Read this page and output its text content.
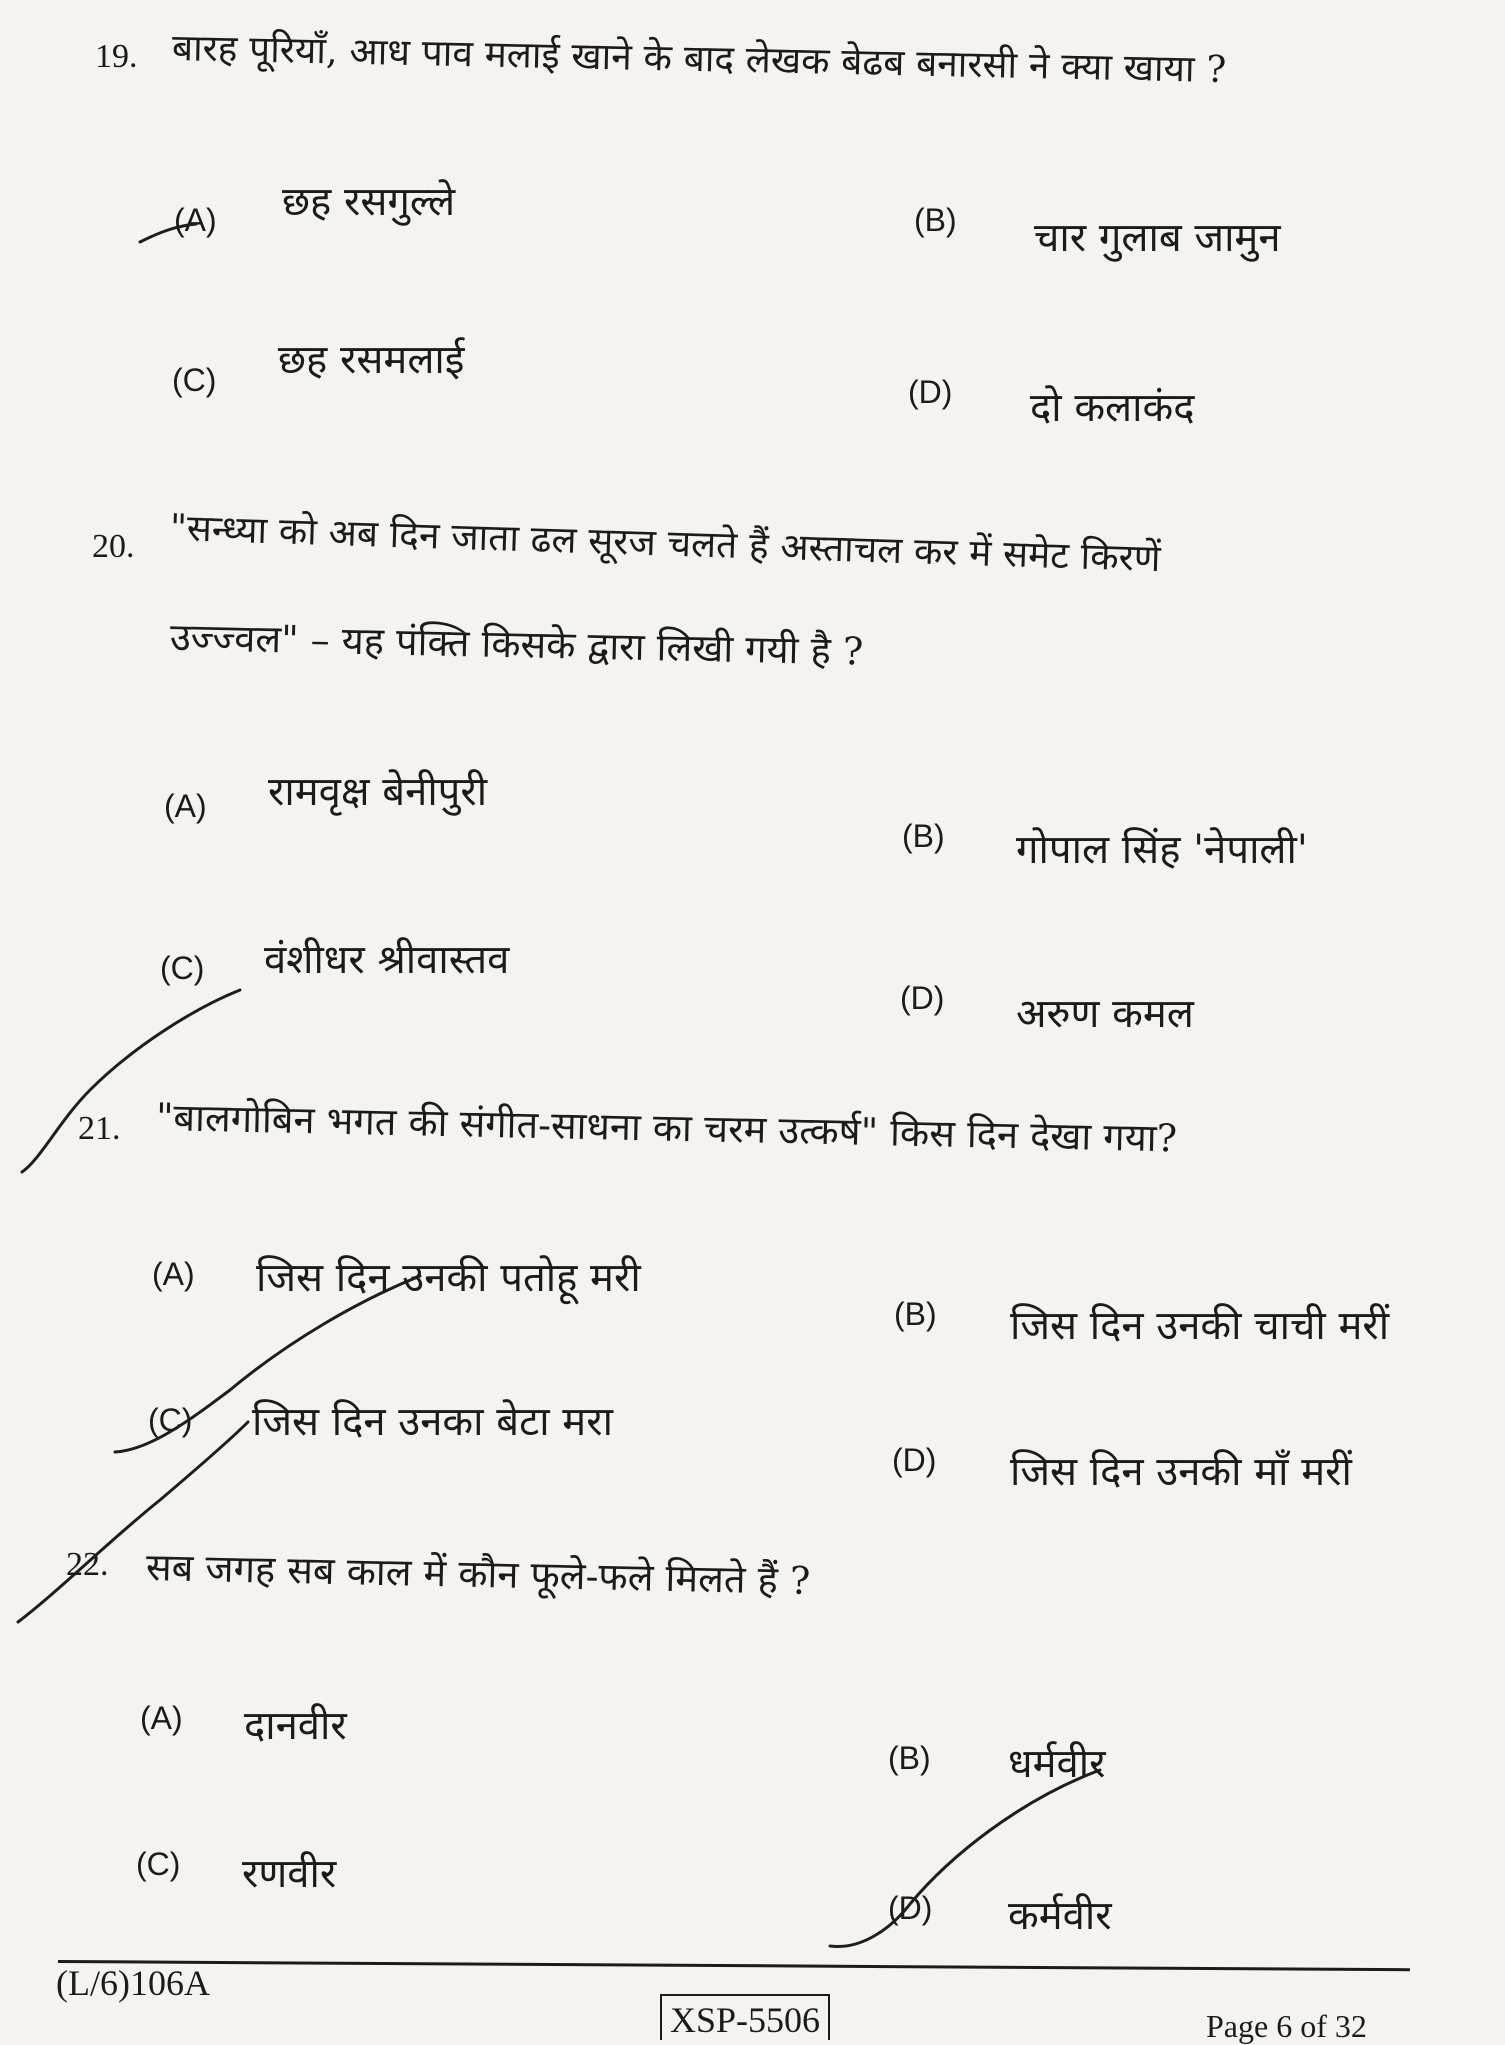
19. बारह पूरियाँ, आध पाव मलाई खाने के बाद लेखक बेढब बनारसी ने क्या खाया ?
(A) छह रसगुल्ले	(B) चार गुलाब जामुन
(C) छह रसमलाई
(D) दो कलाकंद
20. "सन्ध्या को अब दिन जाता ढल सूरज चलते हैं अस्ताचल कर में समेट किरणें
उज्ज्वल" – यह पंक्ति किसके द्वारा लिखी गयी है ?
(A) रामवृक्ष बेनीपुरी
(B) गोपाल सिंह 'नेपाली'
(C) वंशीधर श्रीवास्तव
(D) अरुण कमल
21. "बालगोबिन भगत की संगीत-साधना का चरम उत्कर्ष" किस दिन देखा गया?
(A) जिस दिन उनकी पतोहू मरी
(B) जिस दिन उनकी चाची मरीं
(C) जिस दिन उनका बेटा मरा
(D) जिस दिन उनकी माँ मरीं
22. सब जगह सब काल में कौन फूले-फले मिलते हैं ?
(A) दानवीर
(B) धर्मवीर
(C) रणवीर
(D) कर्मवीर
(L/6)106A
XSP-5506	Page 6 of 32
